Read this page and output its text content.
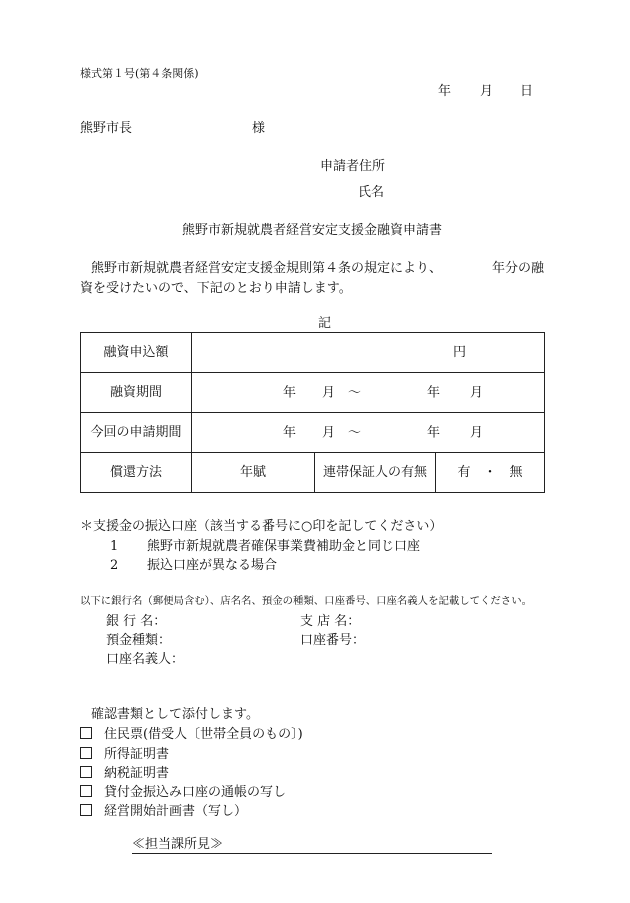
様式第１号(第４条関係)
年 月 日
熊野市長	様
申請者住所
氏名
熊野市新規就農者経営安定支援金融資申請書
熊野市新規就農者経営安定支援金規則第４条の規定により、	年分の融
資を受けたいので、下記のとおり申請します。
記
融資申込額	円		
融資期間	年 月 ～ 年 月		

今回の申請期間	年 月 ～ 年 月		

償還方法	年賦	連帯保証人の有無	有　・　無
＊支援金の振込口座（該当する番号に○印を記してください）
1 熊野市新規就農者確保事業費補助金と同じ口座
2 振込口座が異なる場合
以下に銀行名（郵便局含む）、店名名、預金の種類、口座番号、口座名義人を記載してください。
銀 行 名：	支 店 名：
預金種類：	口座番号：
口座名義人：
確認書類として添付します。
住民票(借受人〔世帯全員のもの〕)
所得証明書
納税証明書
貸付金振込み口座の通帳の写し
経営開始計画書（写し）
≪担当課所見≫
